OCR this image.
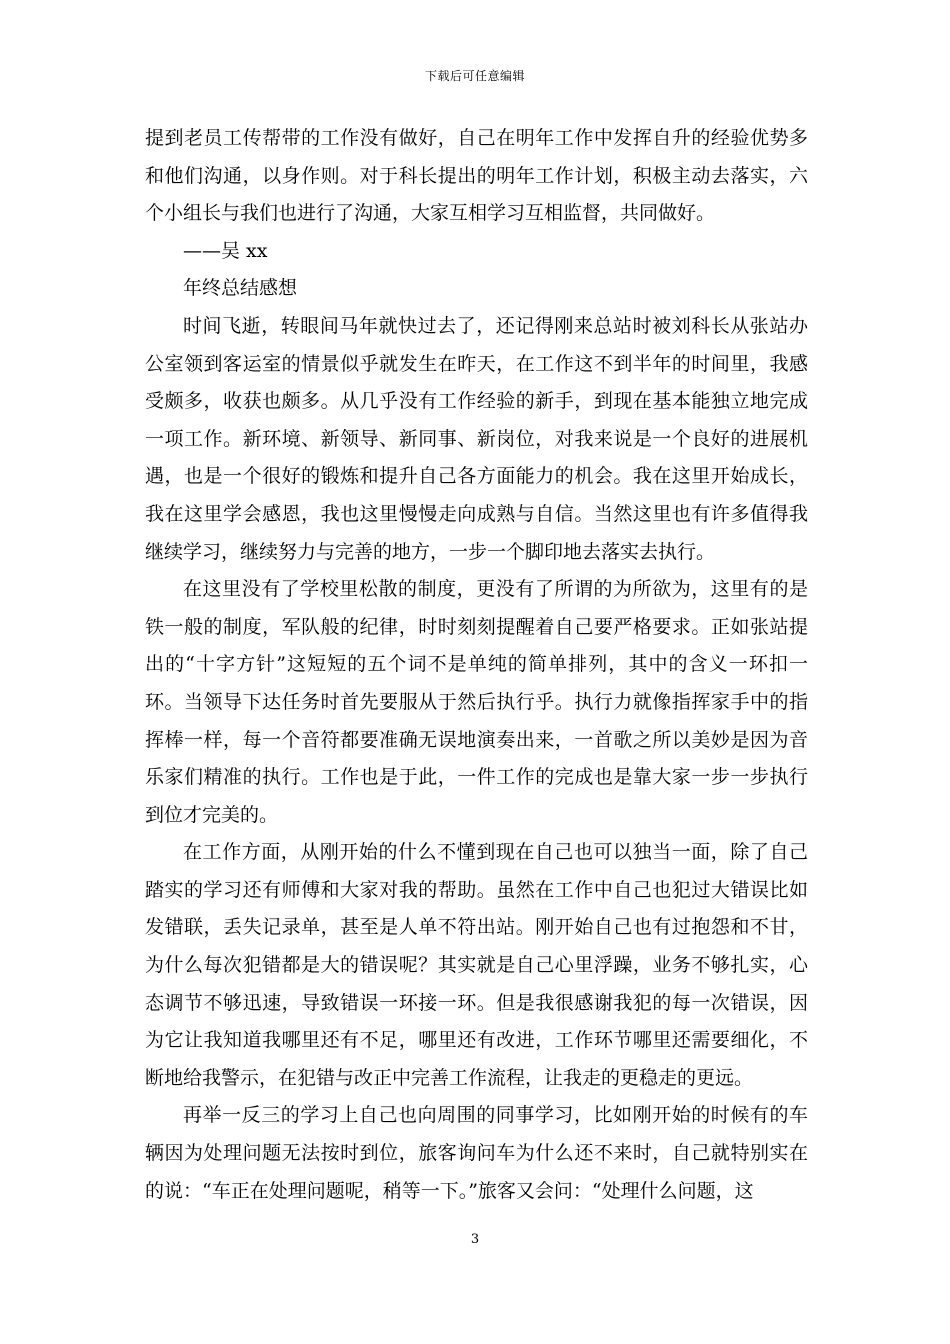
下载后可任意编辑

提到老员工传帮带的工作没有做好，自己在明年工作中发挥自升的经验优势多和他们沟通，以身作则。对于科长提出的明年工作计划，积极主动去落实，六个小组长与我们也进行了沟通，大家互相学习互相监督，共同做好。

——吴 xx

年终总结感想

时间飞逝，转眼间马年就快过去了，还记得刚来总站时被刘科长从张站办公室领到客运室的情景似乎就发生在昨天，在工作这不到半年的时间里，我感受颇多，收获也颇多。从几乎没有工作经验的新手，到现在基本能独立地完成一项工作。新环境、新领导、新同事、新岗位，对我来说是一个良好的进展机遇，也是一个很好的锻炼和提升自己各方面能力的机会。我在这里开始成长，我在这里学会感恩，我也这里慢慢走向成熟与自信。当然这里也有许多值得我继续学习，继续努力与完善的地方，一步一个脚印地去落实去执行。

在这里没有了学校里松散的制度，更没有了所谓的为所欲为，这里有的是铁一般的制度，军队般的纪律，时时刻刻提醒着自己要严格要求。正如张站提出的“十字方针”这短短的五个词不是单纯的简单排列，其中的含义一环扣一环。当领导下达任务时首先要服从于然后执行乎。执行力就像指挥家手中的指挥棒一样，每一个音符都要准确无误地演奏出来，一首歌之所以美妙是因为音乐家们精准的执行。工作也是于此，一件工作的完成也是靠大家一步一步执行到位才完美的。

在工作方面，从刚开始的什么不懂到现在自己也可以独当一面，除了自己踏实的学习还有师傅和大家对我的帮助。虽然在工作中自己也犯过大错误比如发错联，丢失记录单，甚至是人单不符出站。刚开始自己也有过抱怨和不甘，为什么每次犯错都是大的错误呢？其实就是自己心里浮躁，业务不够扎实，心态调节不够迅速，导致错误一环接一环。但是我很感谢我犯的每一次错误，因为它让我知道我哪里还有不足，哪里还有改进，工作环节哪里还需要细化，不断地给我警示，在犯错与改正中完善工作流程，让我走的更稳走的更远。

再举一反三的学习上自己也向周围的同事学习，比如刚开始的时候有的车辆因为处理问题无法按时到位，旅客询问车为什么还不来时，自己就特别实在的说：“车正在处理问题呢，稍等一下。”旅客又会问：“处理什么问题，这

3
